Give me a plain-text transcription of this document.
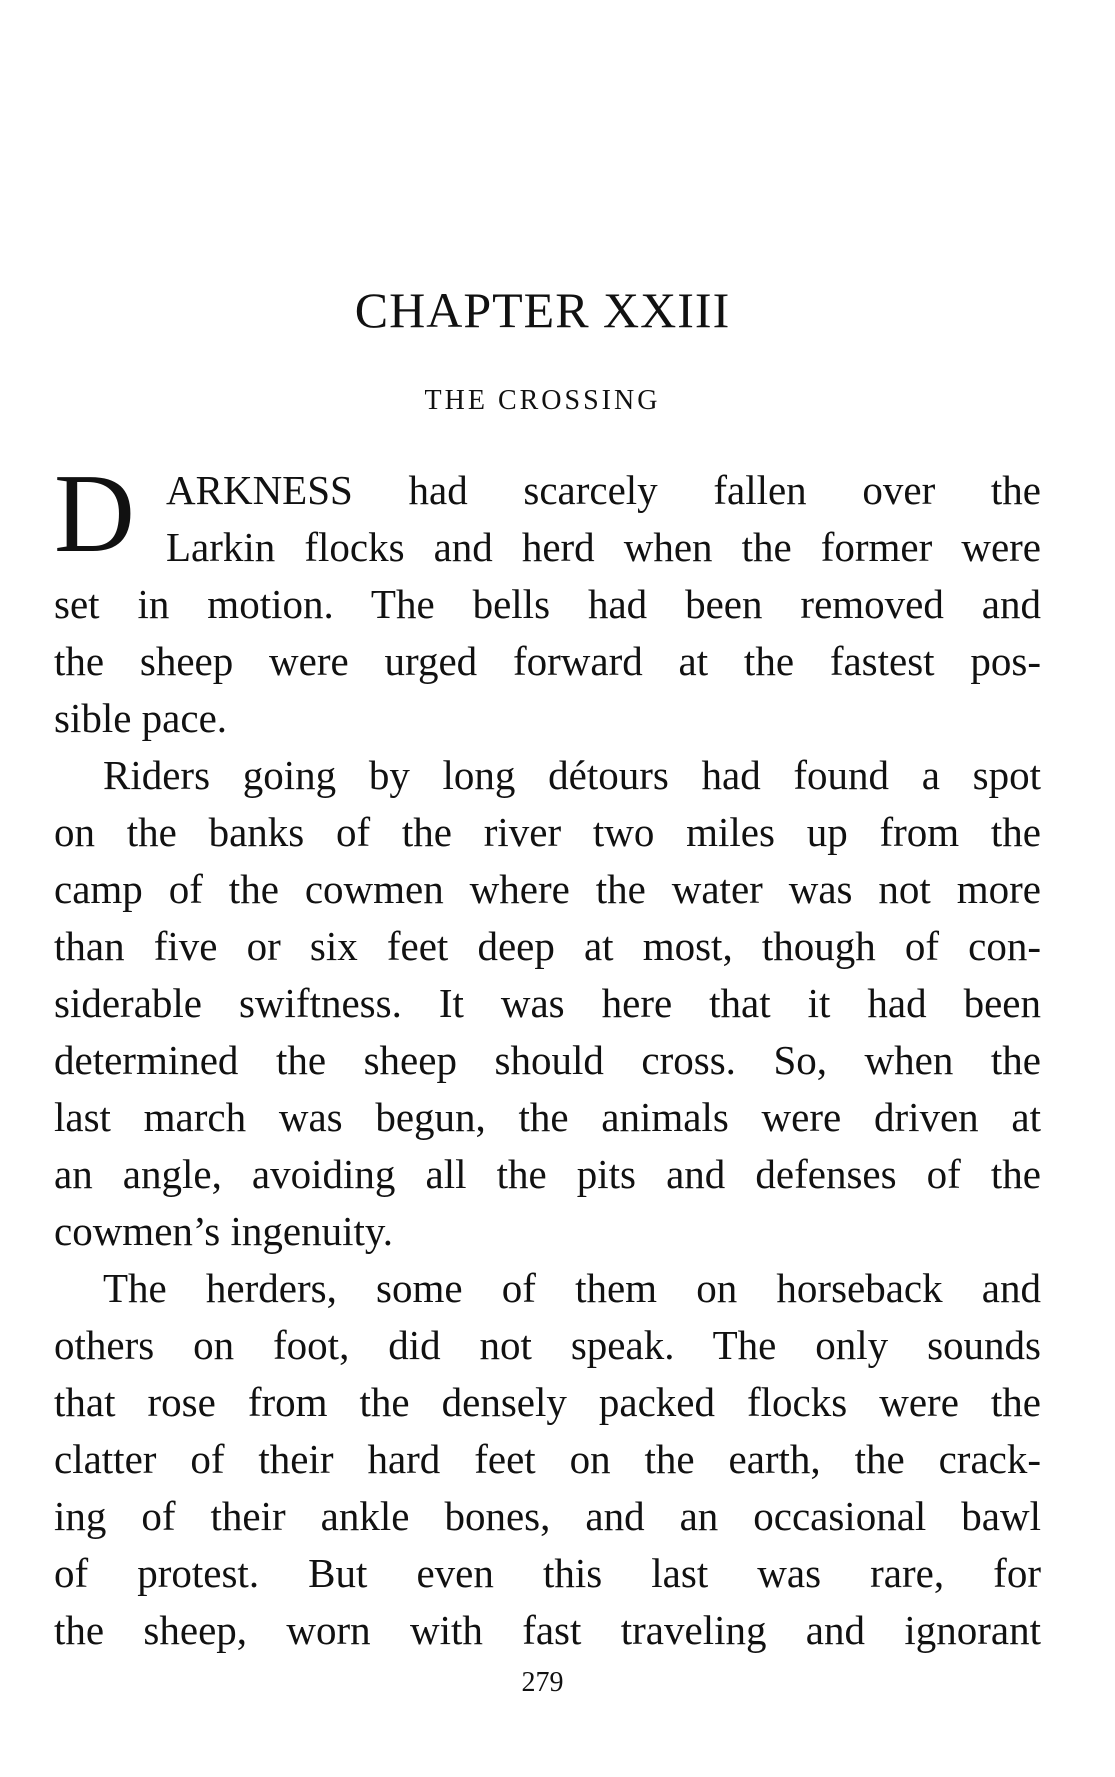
CHAPTER XXIII
THE CROSSING
D ARKNESS had scarcely fallen over the
Larkin flocks and herd when the former were
set in motion. The bells had been removed and
the sheep were urged forward at the fastest pos-
sible pace.
Riders going by long détours had found a spot
on the banks of the river two miles up from the
camp of the cowmen where the water was not more
than five or six feet deep at most, though of con-
siderable swiftness. It was here that it had been
determined the sheep should cross. So, when the
last march was begun, the animals were driven at
an angle, avoiding all the pits and defenses of the
cowmen’s ingenuity.
The herders, some of them on horseback and
others on foot, did not speak. The only sounds
that rose from the densely packed flocks were the
clatter of their hard feet on the earth, the crack-
ing of their ankle bones, and an occasional bawl
of protest. But even this last was rare, for
the sheep, worn with fast traveling and ignorant

279
